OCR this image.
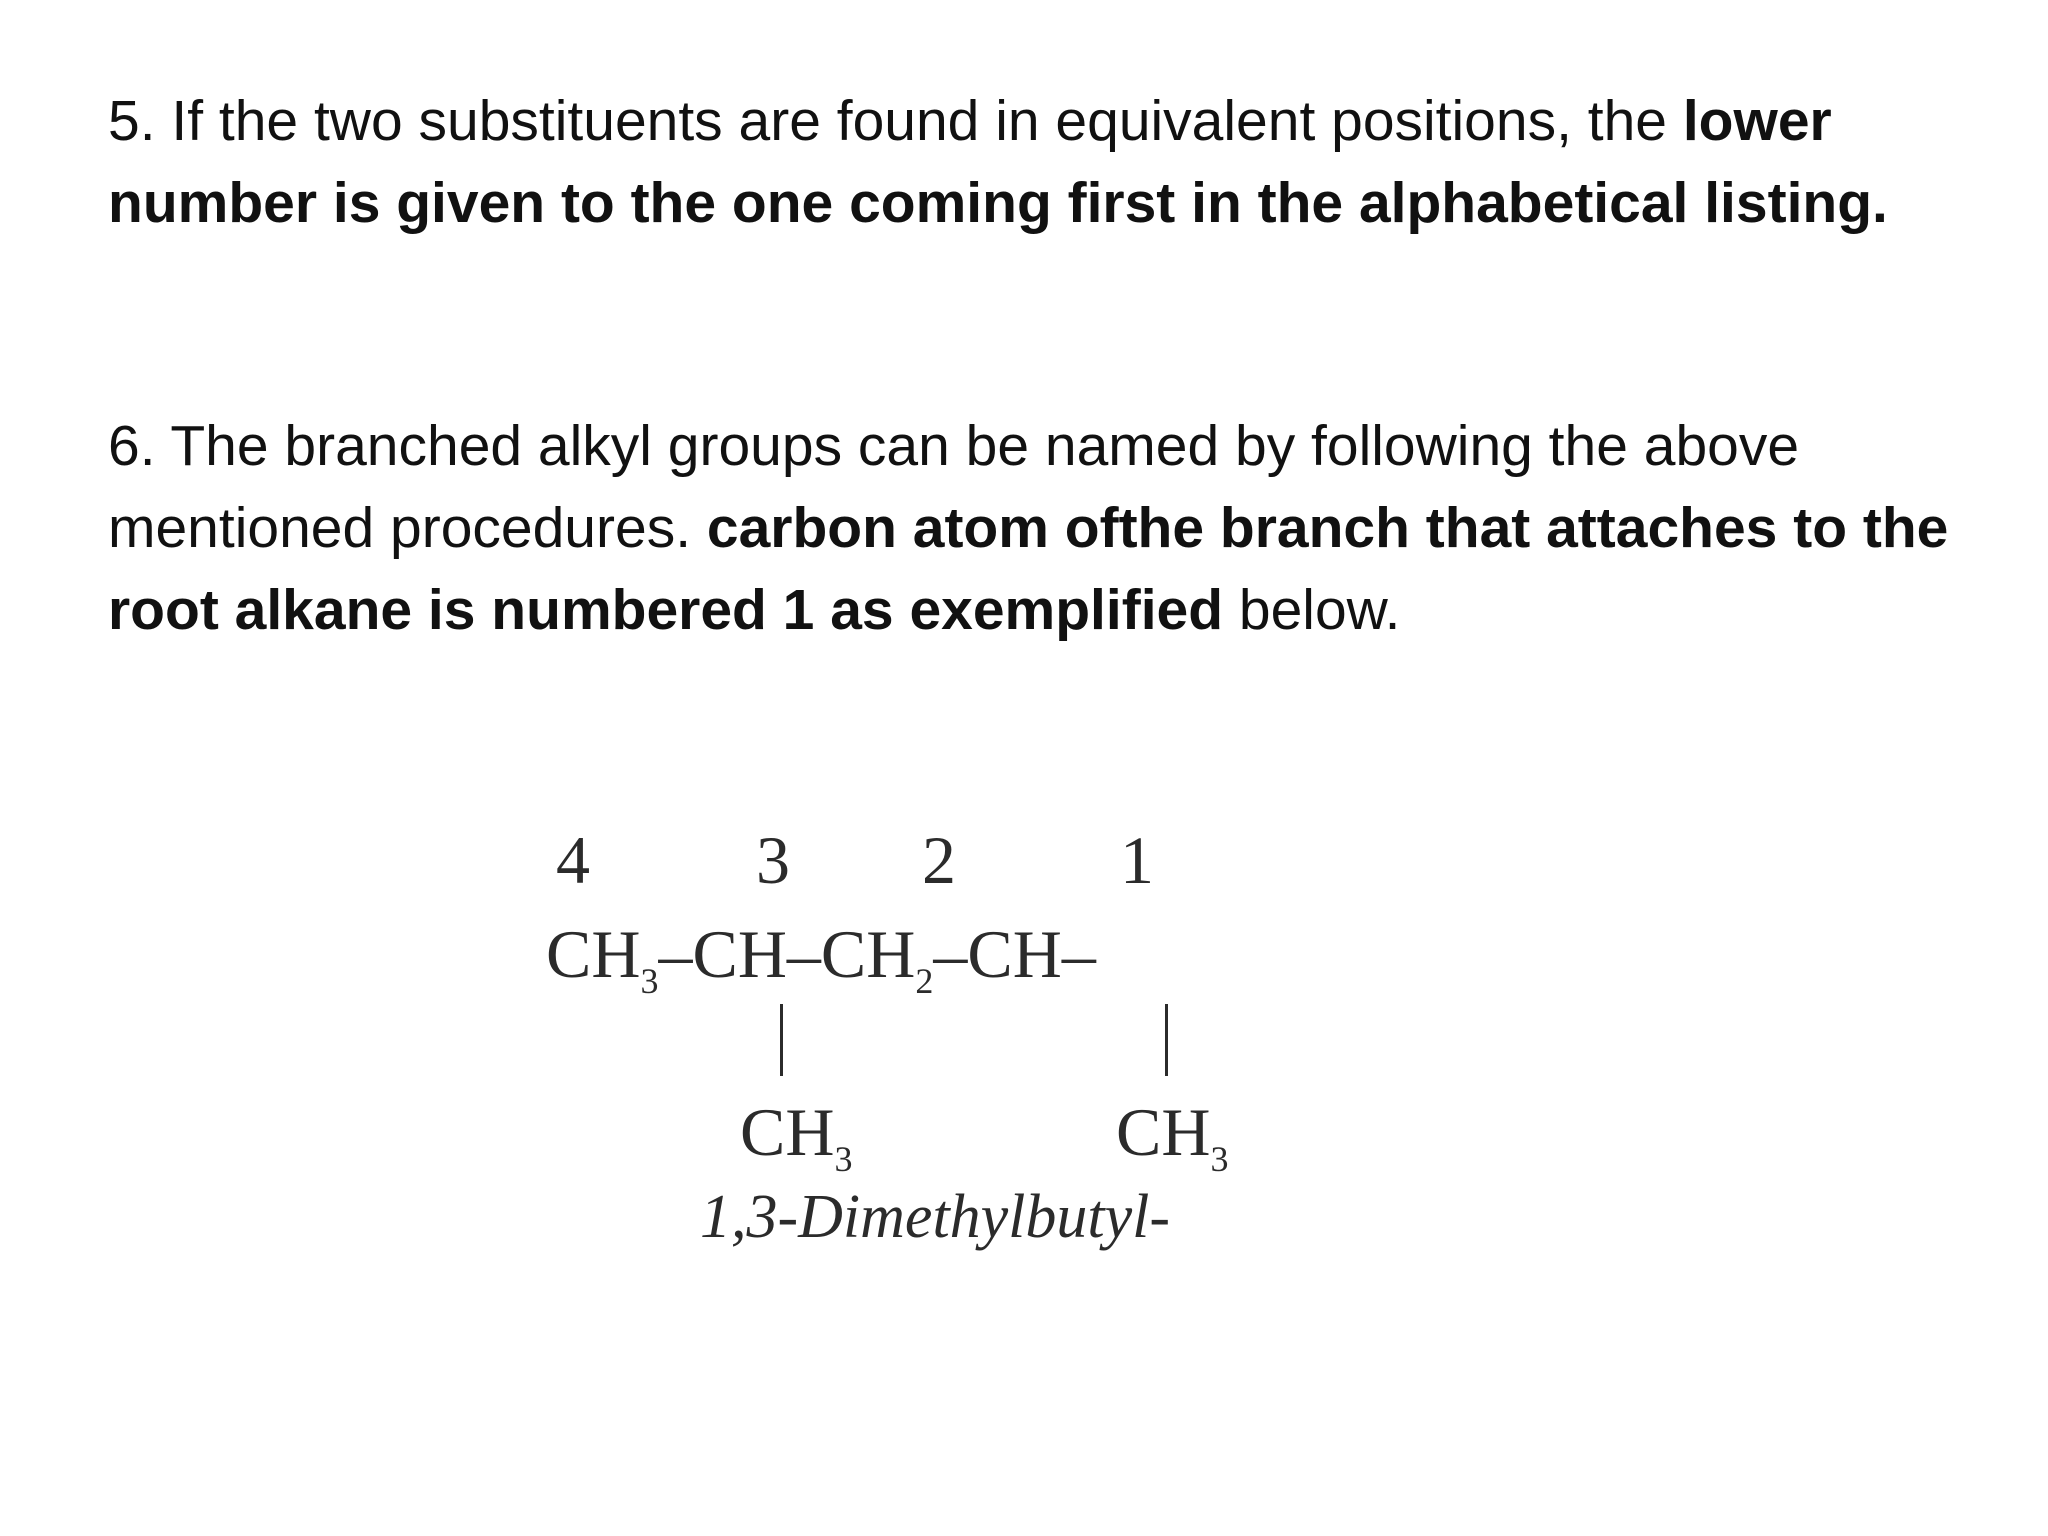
5. If the two substituents are found in equivalent positions, the lower number is given to the one coming first in the alphabetical listing.

6. The branched alkyl groups can be named by following the above mentioned procedures. carbon atom ofthe branch that attaches to the root alkane is numbered 1 as exemplified below.

4 3 2 1
$CH_3-CH-CH_2-CH-$
$CH_3$	$CH_3$
1,3-Dimethylbutyl-
